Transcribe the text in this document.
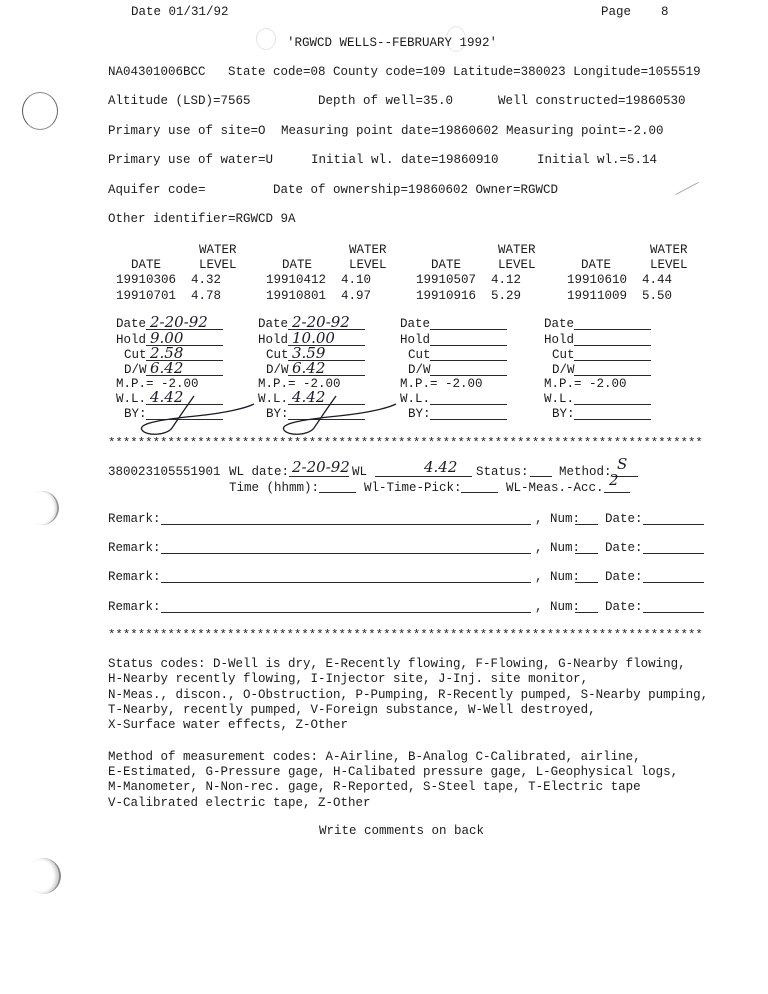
Date 01/31/92	Page 8
'RGWCD WELLS--FEBRUARY 1992'
NA04301006BCC   State code=08 County code=109 Latitude=380023 Longitude=1055519
Altitude (LSD)=7565	Depth of well=35.0	Well constructed=19860530
Primary use of site=O Measuring point date=19860602 Measuring point=-2.00
Primary use of water=U	Initial wl. date=19860910	Initial wl.=5.14
Aquifer code=	Date of ownership=19860602 Owner=RGWCD
Other identifier=RGWCD 9A
WATER	WATER	WATER	WATER
DATE	LEVEL	DATE	LEVEL	DATE	LEVEL	DATE	LEVEL
19910306 4.32	19910412 4.10	19910507 4.12	19910610 4.44
19910701 4.78	19910801 4.97	19910916 5.29	19911009 5.50
Date 2-20-92
Hold 9.00
Cut 2.58
D/W 6.42
M.P.= -2.00
W.L. 4.42
BY:
Date 2-20-92
Hold 10.00
Cut 3.59
D/W 6.42
M.P.= -2.00
W.L. 4.42
BY:
Date
Hold
Cut
D/W
M.P.= -2.00
W.L.
BY:
Date
Hold
Cut
D/W
M.P.= -2.00
W.L.
BY:
********************************************************************************
380023105551901 WL date: 2-20-92 WL	4.42 Status: Method: S
Time (hhmm):	Wl-Time-Pick:	WL-Meas.-Acc. 2
Remark:	, Num: Date:
Remark:	, Num: Date:
Remark:	, Num: Date:
Remark:	, Num: Date:
********************************************************************************
Status codes: D-Well is dry, E-Recently flowing, F-Flowing, G-Nearby flowing,
H-Nearby recently flowing, I-Injector site, J-Inj. site monitor,
N-Meas., discon., O-Obstruction, P-Pumping, R-Recently pumped, S-Nearby pumping,
T-Nearby, recently pumped, V-Foreign substance, W-Well destroyed,
X-Surface water effects, Z-Other
Method of measurement codes: A-Airline, B-Analog C-Calibrated, airline,
E-Estimated, G-Pressure gage, H-Calibated pressure gage, L-Geophysical logs,
M-Manometer, N-Non-rec. gage, R-Reported, S-Steel tape, T-Electric tape
V-Calibrated electric tape, Z-Other
Write comments on back
